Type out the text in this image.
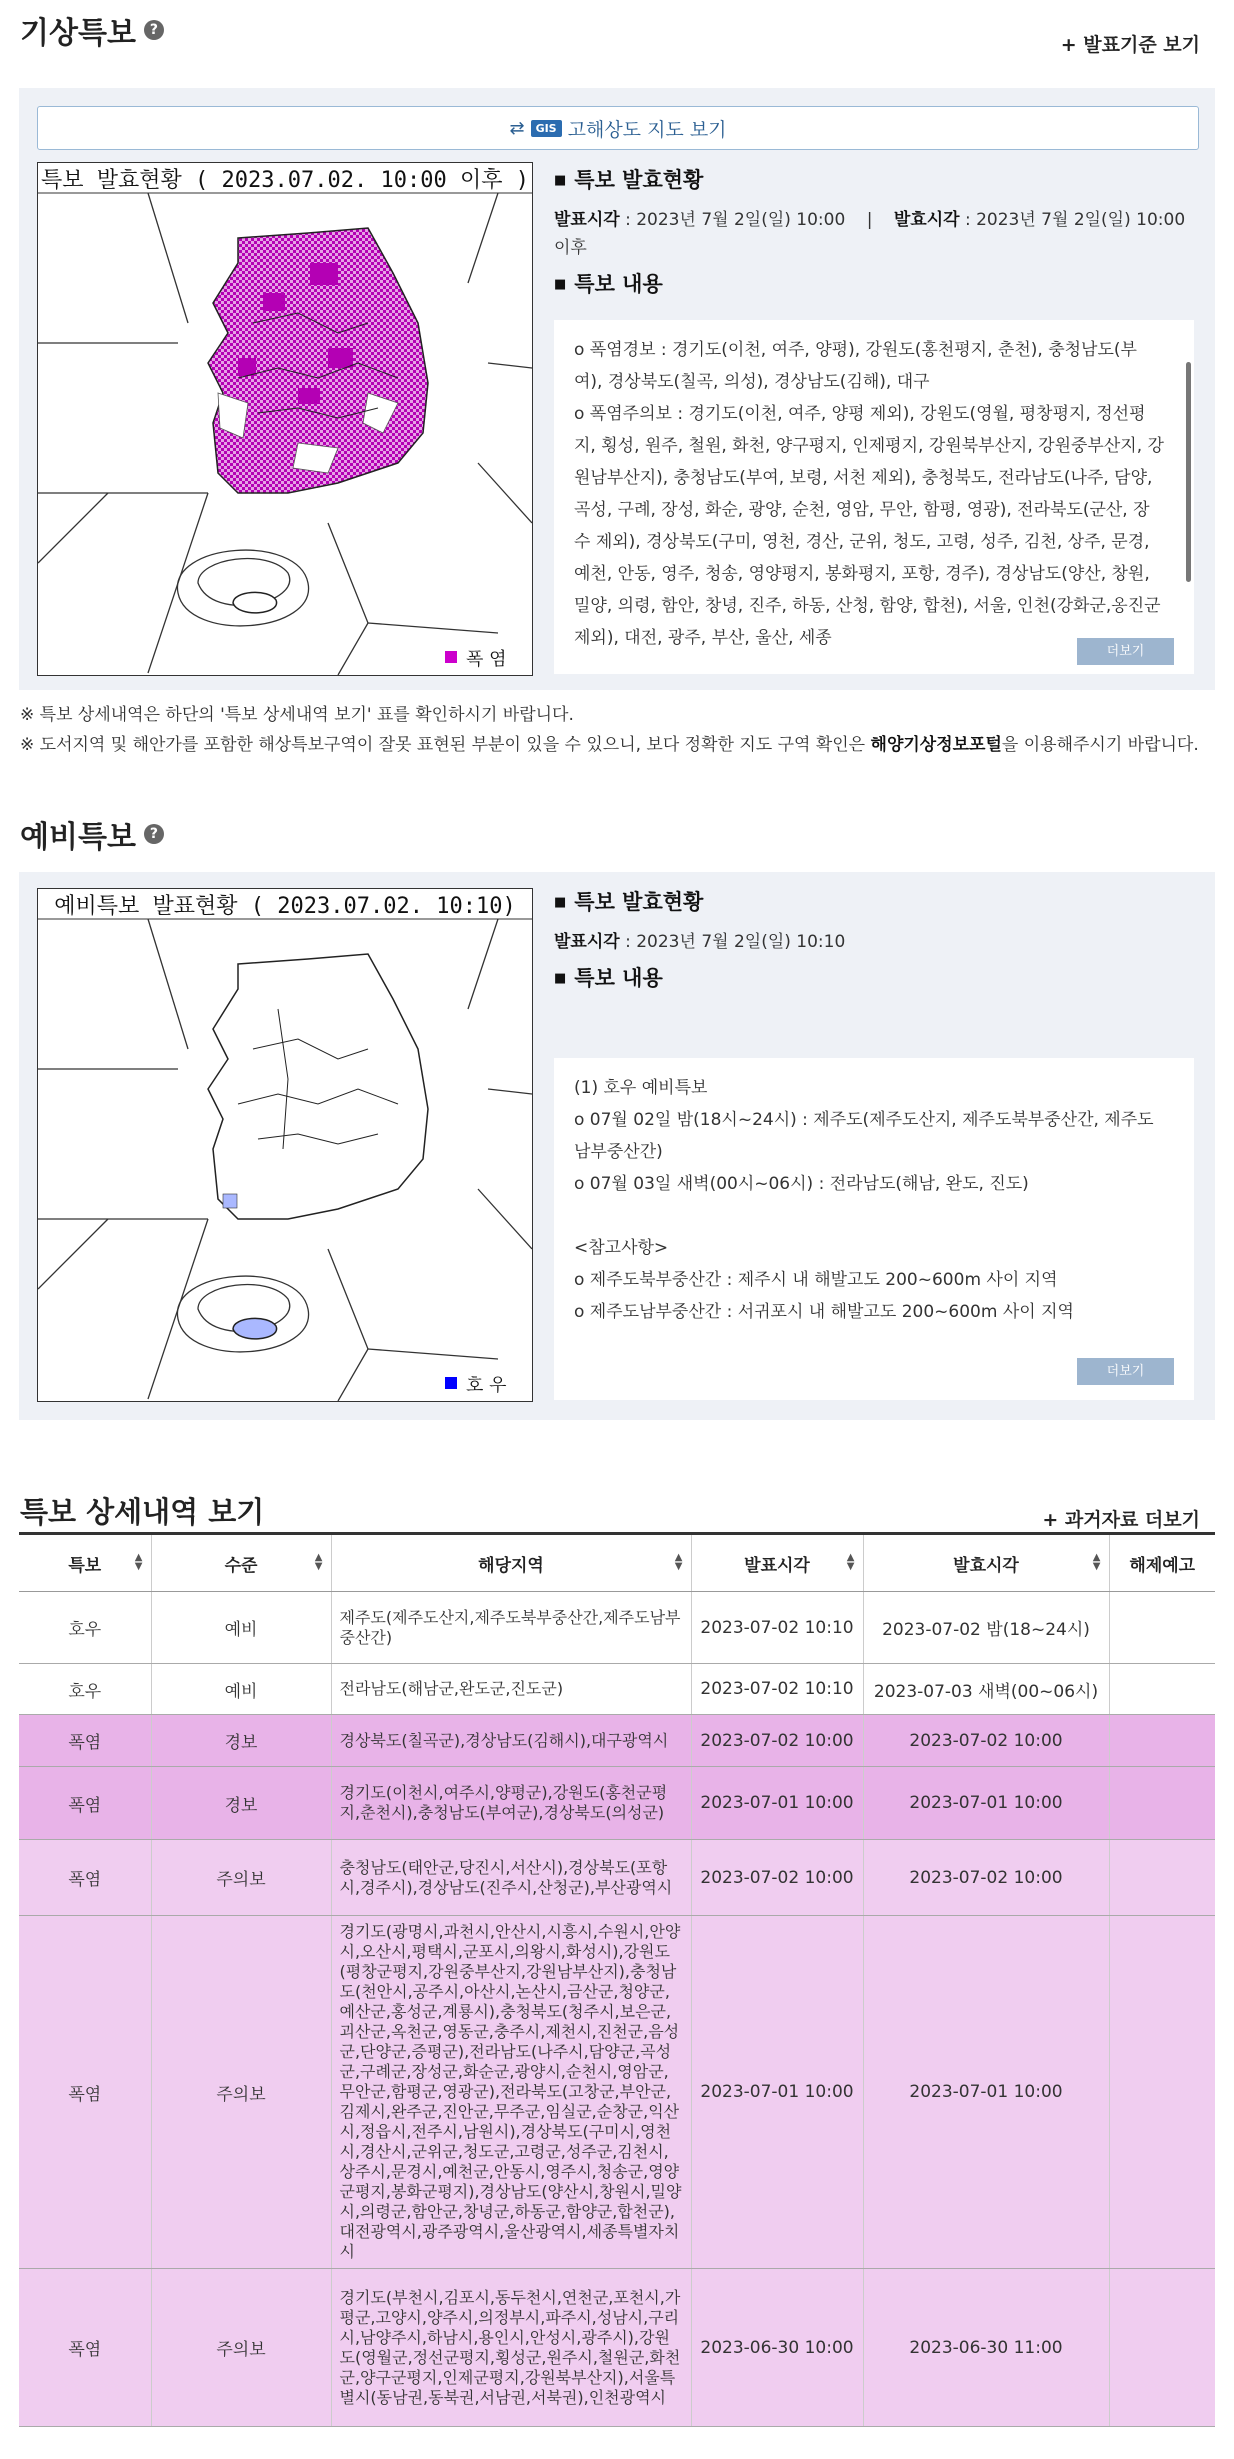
기상특보 ?
+ 발표기준 보기
⇄	GIS 고해상도 지도 보기
특보 발효현황 ( 2023.07.02. 10:00 이후 )
폭 염

■ 특보 발효현황

발표시각 : 2023년 7월 2일(일) 10:00 | 발효시각 : 2023년 7월 2일(일) 10:00 이후

■ 특보 내용

o 폭염경보 : 경기도(이천, 여주, 양평), 강원도(홍천평지, 춘천), 충청남도(부여), 경상북도(칠곡, 의성), 경상남도(김해), 대구
o 폭염주의보 : 경기도(이천, 여주, 양평 제외), 강원도(영월, 평창평지, 정선평지, 횡성, 원주, 철원, 화천, 양구평지, 인제평지, 강원북부산지, 강원중부산지, 강원남부산지), 충청남도(부여, 보령, 서천 제외), 충청북도, 전라남도(나주, 담양, 곡성, 구례, 장성, 화순, 광양, 순천, 영암, 무안, 함평, 영광), 전라북도(군산, 장수 제외), 경상북도(구미, 영천, 경산, 군위, 청도, 고령, 성주, 김천, 상주, 문경, 예천, 안동, 영주, 청송, 영양평지, 봉화평지, 포항, 경주), 경상남도(양산, 창원, 밀양, 의령, 함안, 창녕, 진주, 하동, 산청, 함양, 합천), 서울, 인천(강화군,옹진군 제외), 대전, 광주, 부산, 울산, 세종
더보기
※ 특보 상세내역은 하단의 '특보 상세내역 보기' 표를 확인하시기 바랍니다.
※ 도서지역 및 해안가를 포함한 해상특보구역이 잘못 표현된 부분이 있을 수 있으니, 보다 정확한 지도 구역 확인은 해양기상정보포털을 이용해주시기 바랍니다.
예비특보 ?
예비특보 발표현황 ( 2023.07.02. 10:10)
호 우

■ 특보 발효현황

발표시각 : 2023년 7월 2일(일) 10:10

■ 특보 내용

(1) 호우 예비특보
o 07월 02일 밤(18시~24시) : 제주도(제주도산지, 제주도북부중산간, 제주도남부중산간)
o 07월 03일 새벽(00시~06시) : 전라남도(해남, 완도, 진도)

<참고사항>
o 제주도북부중산간 : 제주시 내 해발고도 200~600m 사이 지역
o 제주도남부중산간 : 서귀포시 내 해발고도 200~600m 사이 지역
더보기
특보 상세내역 보기	+ 과거자료 더보기
특보 ▲
▼	수준 ▲
▼	해당지역 ▲
▼	발표시각 ▲
▼	발효시각 ▲
▼	해제예고
호우	예비	제주도(제주도산지,제주도북부중산간,제주도남부중산간)	2023-07-02 10:10	2023-07-02 밤(18~24시)	
호우	예비	전라남도(해남군,완도군,진도군)	2023-07-02 10:10	2023-07-03 새벽(00~06시)	
폭염	경보	경상북도(칠곡군),경상남도(김해시),대구광역시	2023-07-02 10:00	2023-07-02 10:00	
폭염	경보	경기도(이천시,여주시,양평군),강원도(홍천군평지,춘천시),충청남도(부여군),경상북도(의성군)	2023-07-01 10:00	2023-07-01 10:00	
폭염	주의보	충청남도(태안군,당진시,서산시),경상북도(포항시,경주시),경상남도(진주시,산청군),부산광역시	2023-07-02 10:00	2023-07-02 10:00	
폭염	주의보	경기도(광명시,과천시,안산시,시흥시,수원시,안양시,오산시,평택시,군포시,의왕시,화성시),강원도(평창군평지,강원중부산지,강원남부산지),충청남도(천안시,공주시,아산시,논산시,금산군,청양군,예산군,홍성군,계룡시),충청북도(청주시,보은군,괴산군,옥천군,영동군,충주시,제천시,진천군,음성군,단양군,증평군),전라남도(나주시,담양군,곡성군,구례군,장성군,화순군,광양시,순천시,영암군,무안군,함평군,영광군),전라북도(고창군,부안군,김제시,완주군,진안군,무주군,임실군,순창군,익산시,정읍시,전주시,남원시),경상북도(구미시,영천시,경산시,군위군,청도군,고령군,성주군,김천시,상주시,문경시,예천군,안동시,영주시,청송군,영양군평지,봉화군평지),경상남도(양산시,창원시,밀양시,의령군,함안군,창녕군,하동군,함양군,합천군),대전광역시,광주광역시,울산광역시,세종특별자치시	2023-07-01 10:00	2023-07-01 10:00	
폭염	주의보	경기도(부천시,김포시,동두천시,연천군,포천시,가평군,고양시,양주시,의정부시,파주시,성남시,구리시,남양주시,하남시,용인시,안성시,광주시),강원도(영월군,정선군평지,횡성군,원주시,철원군,화천군,양구군평지,인제군평지,강원북부산지),서울특별시(동남권,동북권,서남권,서북권),인천광역시	2023-06-30 10:00	2023-06-30 11:00	
